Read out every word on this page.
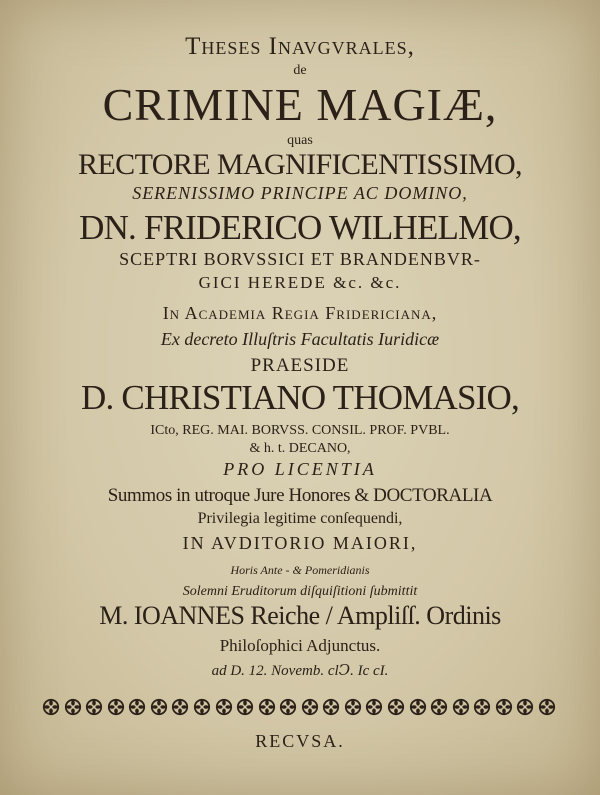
Theses Inavgvrales,
de
CRIMINE MAGIÆ,
quas
RECTORE MAGNIFICENTISSIMO,
SERENISSIMO PRINCIPE AC DOMINO,
DN. FRIDERICO WILHELMO,
SCEPTRI BORVSSICI ET BRANDENBVR-
GICI HEREDE &c. &c.
In Academia Regia Fridericiana,
Ex decreto Illuſtris Facultatis Iuridicæ
PRAESIDE
D. CHRISTIANO THOMASIO,
ICto, REG. MAI. BORVSS. CONSIL. PROF. PVBL.
& h. t. DECANO,
PRO LICENTIA
Summos in utroque Jure Honores & DOCTORALIA
Privilegia legitime conſequendi,
IN AVDITORIO MAIORI,
Horis Ante - & Pomeridianis
Solemni Eruditorum diſquiſitioni ſubmittit
M. IOANNES Reiche / Ampliſſ. Ordinis
Philoſophici Adjunctus.
ad D. 12. Novemb. clↃ. Ic cI.
RECVSA.
